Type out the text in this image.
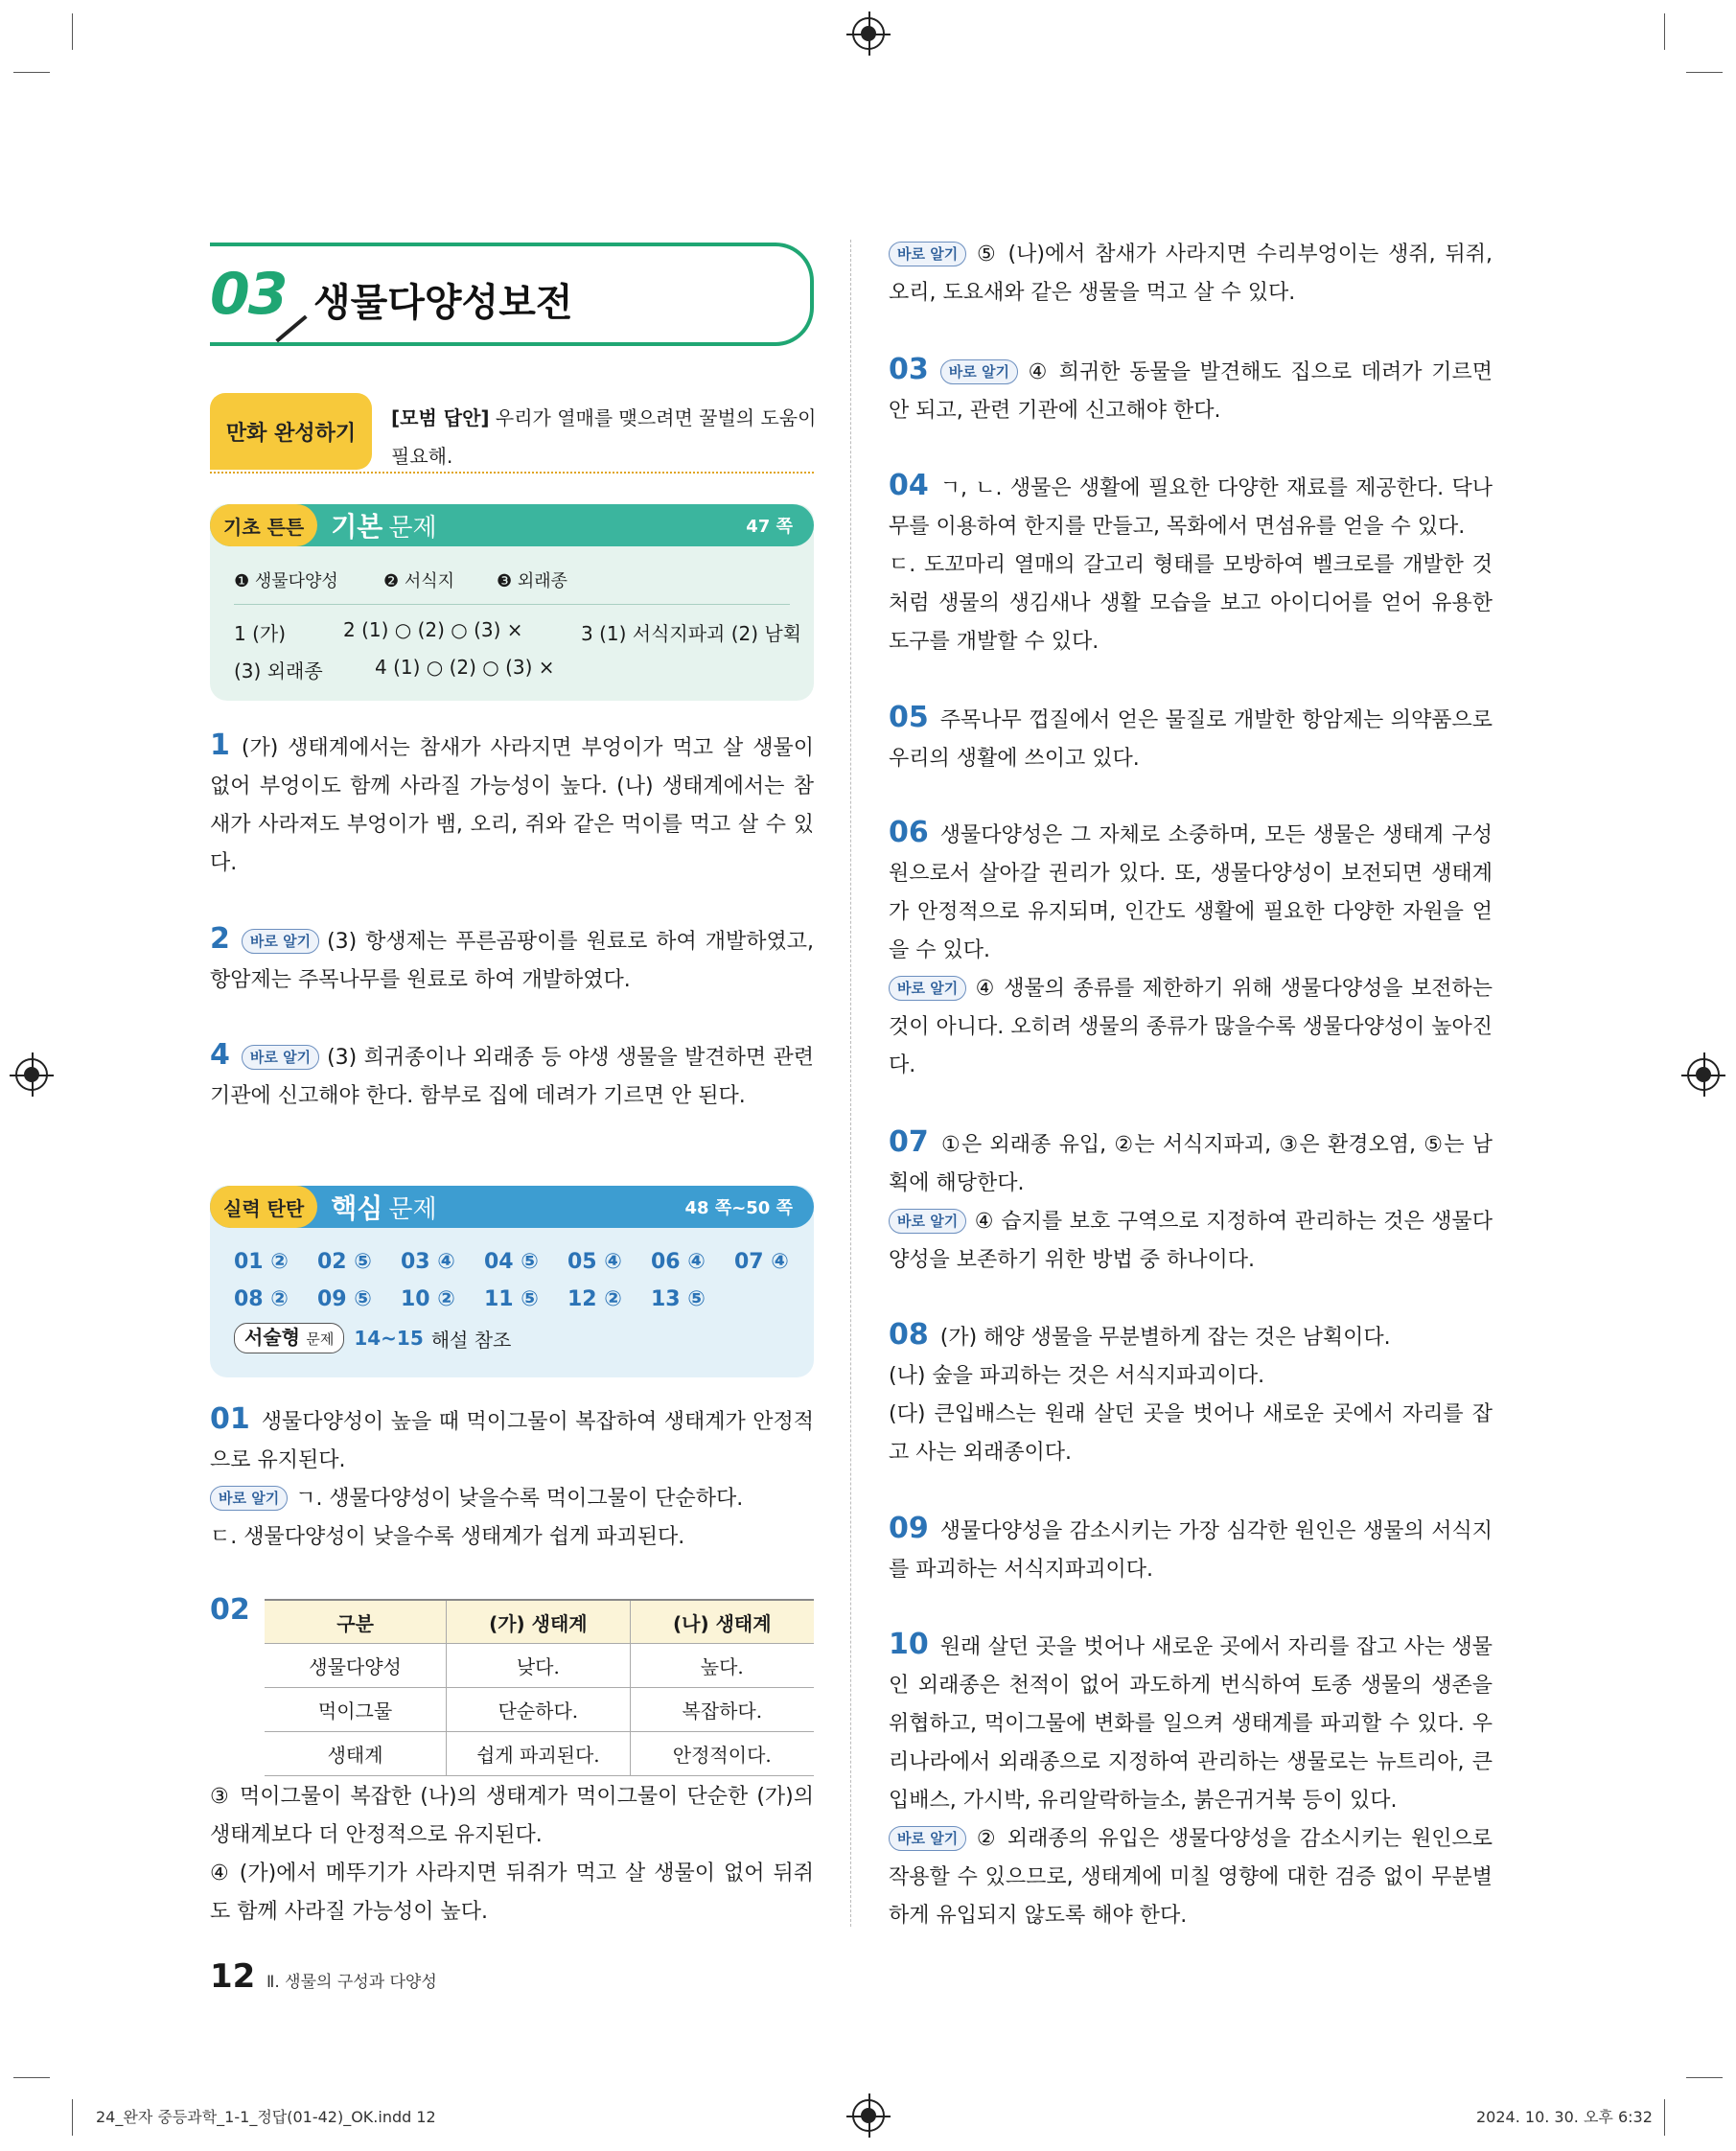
03 생물다양성보전
만화 완성하기
[모범 답안] 우리가 열매를 맺으려면 꿀벌의 도움이 필요해.
기초 튼튼	기본 문제	47 쪽
❶ 생물다양성	❷ 서식지 ❸ 외래종
1 (가)	2 (1) ○ (2) ○ (3) ×	3 (1) 서식지파괴 (2) 남획
(3) 외래종	4 (1) ○ (2) ○ (3) ×
1 (가) 생태계에서는 참새가 사라지면 부엉이가 먹고 살 생물이 없어 부엉이도 함께 사라질 가능성이 높다. (나) 생태계에서는 참새가 사라져도 부엉이가 뱀, 오리, 쥐와 같은 먹이를 먹고 살 수 있다.
2 바로 알기 (3) 항생제는 푸른곰팡이를 원료로 하여 개발하였고, 항암제는 주목나무를 원료로 하여 개발하였다.
4 바로 알기 (3) 희귀종이나 외래종 등 야생 생물을 발견하면 관련 기관에 신고해야 한다. 함부로 집에 데려가 기르면 안 된다.
실력 탄탄	핵심 문제	48 쪽~50 쪽
01 ②	02 ⑤	03 ④	04 ⑤	05 ④	06 ④	07 ④
08 ②	09 ⑤	10 ②	11 ⑤	12 ②	13 ⑤
서술형 문제	14~15 해설 참조
01 생물다양성이 높을 때 먹이그물이 복잡하여 생태계가 안정적으로 유지된다.
바로 알기 ㄱ. 생물다양성이 낮을수록 먹이그물이 단순하다.
ㄷ. 생물다양성이 낮을수록 생태계가 쉽게 파괴된다.
02	구분	(가) 생태계	(나) 생태계
생물다양성	낮다.	높다.
먹이그물	단순하다.	복잡하다.
생태계	쉽게 파괴된다.	안정적이다.
③ 먹이그물이 복잡한 (나)의 생태계가 먹이그물이 단순한 (가)의 생태계보다 더 안정적으로 유지된다.
④ (가)에서 메뚜기가 사라지면 뒤쥐가 먹고 살 생물이 없어 뒤쥐도 함께 사라질 가능성이 높다.
바로 알기 ⑤ (나)에서 참새가 사라지면 수리부엉이는 생쥐, 뒤쥐, 오리, 도요새와 같은 생물을 먹고 살 수 있다.
03 바로 알기 ④ 희귀한 동물을 발견해도 집으로 데려가 기르면 안 되고, 관련 기관에 신고해야 한다.
04 ㄱ, ㄴ. 생물은 생활에 필요한 다양한 재료를 제공한다. 닥나무를 이용하여 한지를 만들고, 목화에서 면섬유를 얻을 수 있다.
ㄷ. 도꼬마리 열매의 갈고리 형태를 모방하여 벨크로를 개발한 것처럼 생물의 생김새나 생활 모습을 보고 아이디어를 얻어 유용한 도구를 개발할 수 있다.
05 주목나무 껍질에서 얻은 물질로 개발한 항암제는 의약품으로 우리의 생활에 쓰이고 있다.
06 생물다양성은 그 자체로 소중하며, 모든 생물은 생태계 구성원으로서 살아갈 권리가 있다. 또, 생물다양성이 보전되면 생태계가 안정적으로 유지되며, 인간도 생활에 필요한 다양한 자원을 얻을 수 있다.
바로 알기 ④ 생물의 종류를 제한하기 위해 생물다양성을 보전하는 것이 아니다. 오히려 생물의 종류가 많을수록 생물다양성이 높아진다.
07 ①은 외래종 유입, ②는 서식지파괴, ③은 환경오염, ⑤는 남획에 해당한다.
바로 알기 ④ 습지를 보호 구역으로 지정하여 관리하는 것은 생물다양성을 보존하기 위한 방법 중 하나이다.
08 (가) 해양 생물을 무분별하게 잡는 것은 남획이다.
(나) 숲을 파괴하는 것은 서식지파괴이다.
(다) 큰입배스는 원래 살던 곳을 벗어나 새로운 곳에서 자리를 잡고 사는 외래종이다.
09 생물다양성을 감소시키는 가장 심각한 원인은 생물의 서식지를 파괴하는 서식지파괴이다.
10 원래 살던 곳을 벗어나 새로운 곳에서 자리를 잡고 사는 생물인 외래종은 천적이 없어 과도하게 번식하여 토종 생물의 생존을 위협하고, 먹이그물에 변화를 일으켜 생태계를 파괴할 수 있다. 우리나라에서 외래종으로 지정하여 관리하는 생물로는 뉴트리아, 큰입배스, 가시박, 유리알락하늘소, 붉은귀거북 등이 있다.
바로 알기 ② 외래종의 유입은 생물다양성을 감소시키는 원인으로 작용할 수 있으므로, 생태계에 미칠 영향에 대한 검증 없이 무분별하게 유입되지 않도록 해야 한다.
12 Ⅱ. 생물의 구성과 다양성
24_완자 중등과학_1-1_정답(01-42)_OK.indd 12	2024. 10. 30. 오후 6:32
